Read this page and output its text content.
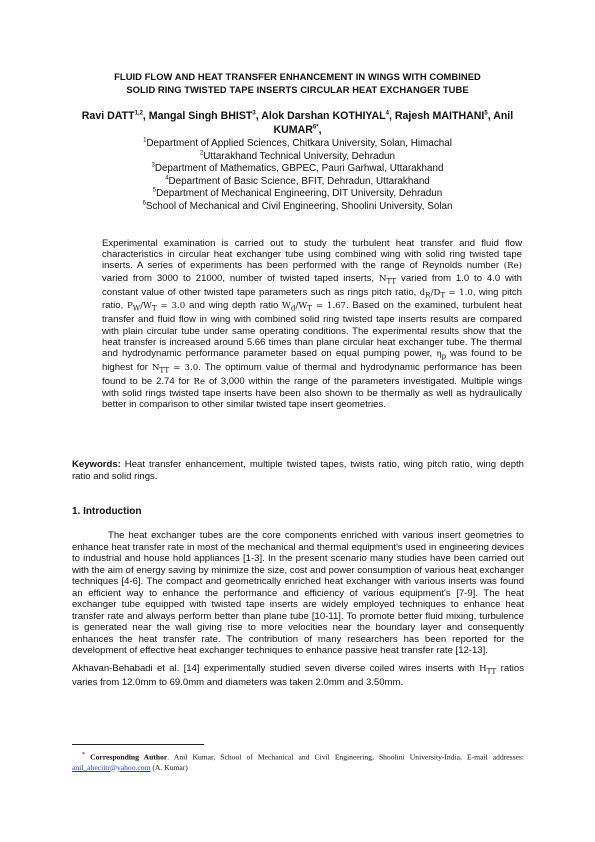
FLUID FLOW AND HEAT TRANSFER ENHANCEMENT IN WINGS WITH COMBINED
SOLID RING TWISTED TAPE INSERTS CIRCULAR HEAT EXCHANGER TUBE
Ravi DATT$^{1,2}$, Mangal Singh BHIST$^3$, Alok Darshan KOTHIYAL$^4$, Rajesh MAITHANI$^5$, Anil $KUMAR^{6*}$,
$^1$Department of Applied Sciences, Chitkara University, Solan, Himachal
$^2$Uttarakhand Technical University, Dehradun
$^3$Department of Mathematics, GBPEC, Pauri Garhwal, Uttarakhand
$^4$Department of Basic Science, BFIT, Dehradun, Uttarakhand
$^5$Department of Mechanical Engineering, DIT University, Dehradun
$^6$School of Mechanical and Civil Engineering, Shoolini University, Solan
Experimental examination is carried out to study the turbulent heat transfer and fluid flow characteristics in circular heat exchanger tube using combined wing with solid ring twisted tape inserts. A series of experiments has been performed with the range of Reynolds number (Re) varied from 3000 to 21000, number of twisted taped inserts, $N_{TT}$ varied from 1.0 to 4.0 with constant value of other twisted tape parameters such as rings pitch ratio, $d_R/D_T = 1.0$, wing pitch ratio, $P_W/W_T = 3.0$ and wing depth ratio $W_d/W_T = 1.67$. Based on the examined, turbulent heat transfer and fluid flow in wing with combined solid ring twisted tape inserts results are compared with plain circular tube under same operating conditions. The experimental results show that the heat transfer is increased around 5.66 times than plane circular heat exchanger tube. The thermal and hydrodynamic performance parameter based on equal pumping power, $\eta_p$ was found to be highest for $N_{TT} = 3.0$. The optimum value of thermal and hydrodynamic performance has been found to be 2.74 for Re of 3,000 within the range of the parameters investigated. Multiple wings with solid rings twisted tape inserts have been also shown to be thermally as well as hydraulically better in comparison to other similar twisted tape insert geometries.
Keywords: Heat transfer enhancement, multiple twisted tapes, twists ratio, wing pitch ratio, wing depth ratio and solid rings.
1. Introduction

The heat exchanger tubes are the core components enriched with various insert geometries to enhance heat transfer rate in most of the mechanical and thermal equipment's used in engineering devices to industrial and house hold appliances [1-3]. In the present scenario many studies have been carried out with the aim of energy saving by minimize the size, cost and power consumption of various heat exchanger techniques [4-6]. The compact and geometrically enriched heat exchanger with various inserts was found an efficient way to enhance the performance and efficiency of various equipment's [7-9]. The heat exchanger tube equipped with twisted tape inserts are widely employed techniques to enhance heat transfer rate and always perform better than plane tube [10-11]. To promote better fluid mixing, turbulence is generated near the wall giving rise to more velocities near the boundary layer and consequently enhances the heat transfer rate. The contribution of many researchers has been reported for the development of effective heat exchanger techniques to enhance passive heat transfer rate [12-13].

Akhavan-Behabadi et al. [14] experimentally studied seven diverse coiled wires inserts with $H_{TT}$ ratios varies from 12.0mm to 69.0mm and diameters was taken 2.0mm and 3.50mm.

* Corresponding Author. Anil Kumar, School of Mechanical and Civil Engineering, Shoolini University-India, E-mail addresses: anil_aheciitr@yahoo.com (A. Kumar)
